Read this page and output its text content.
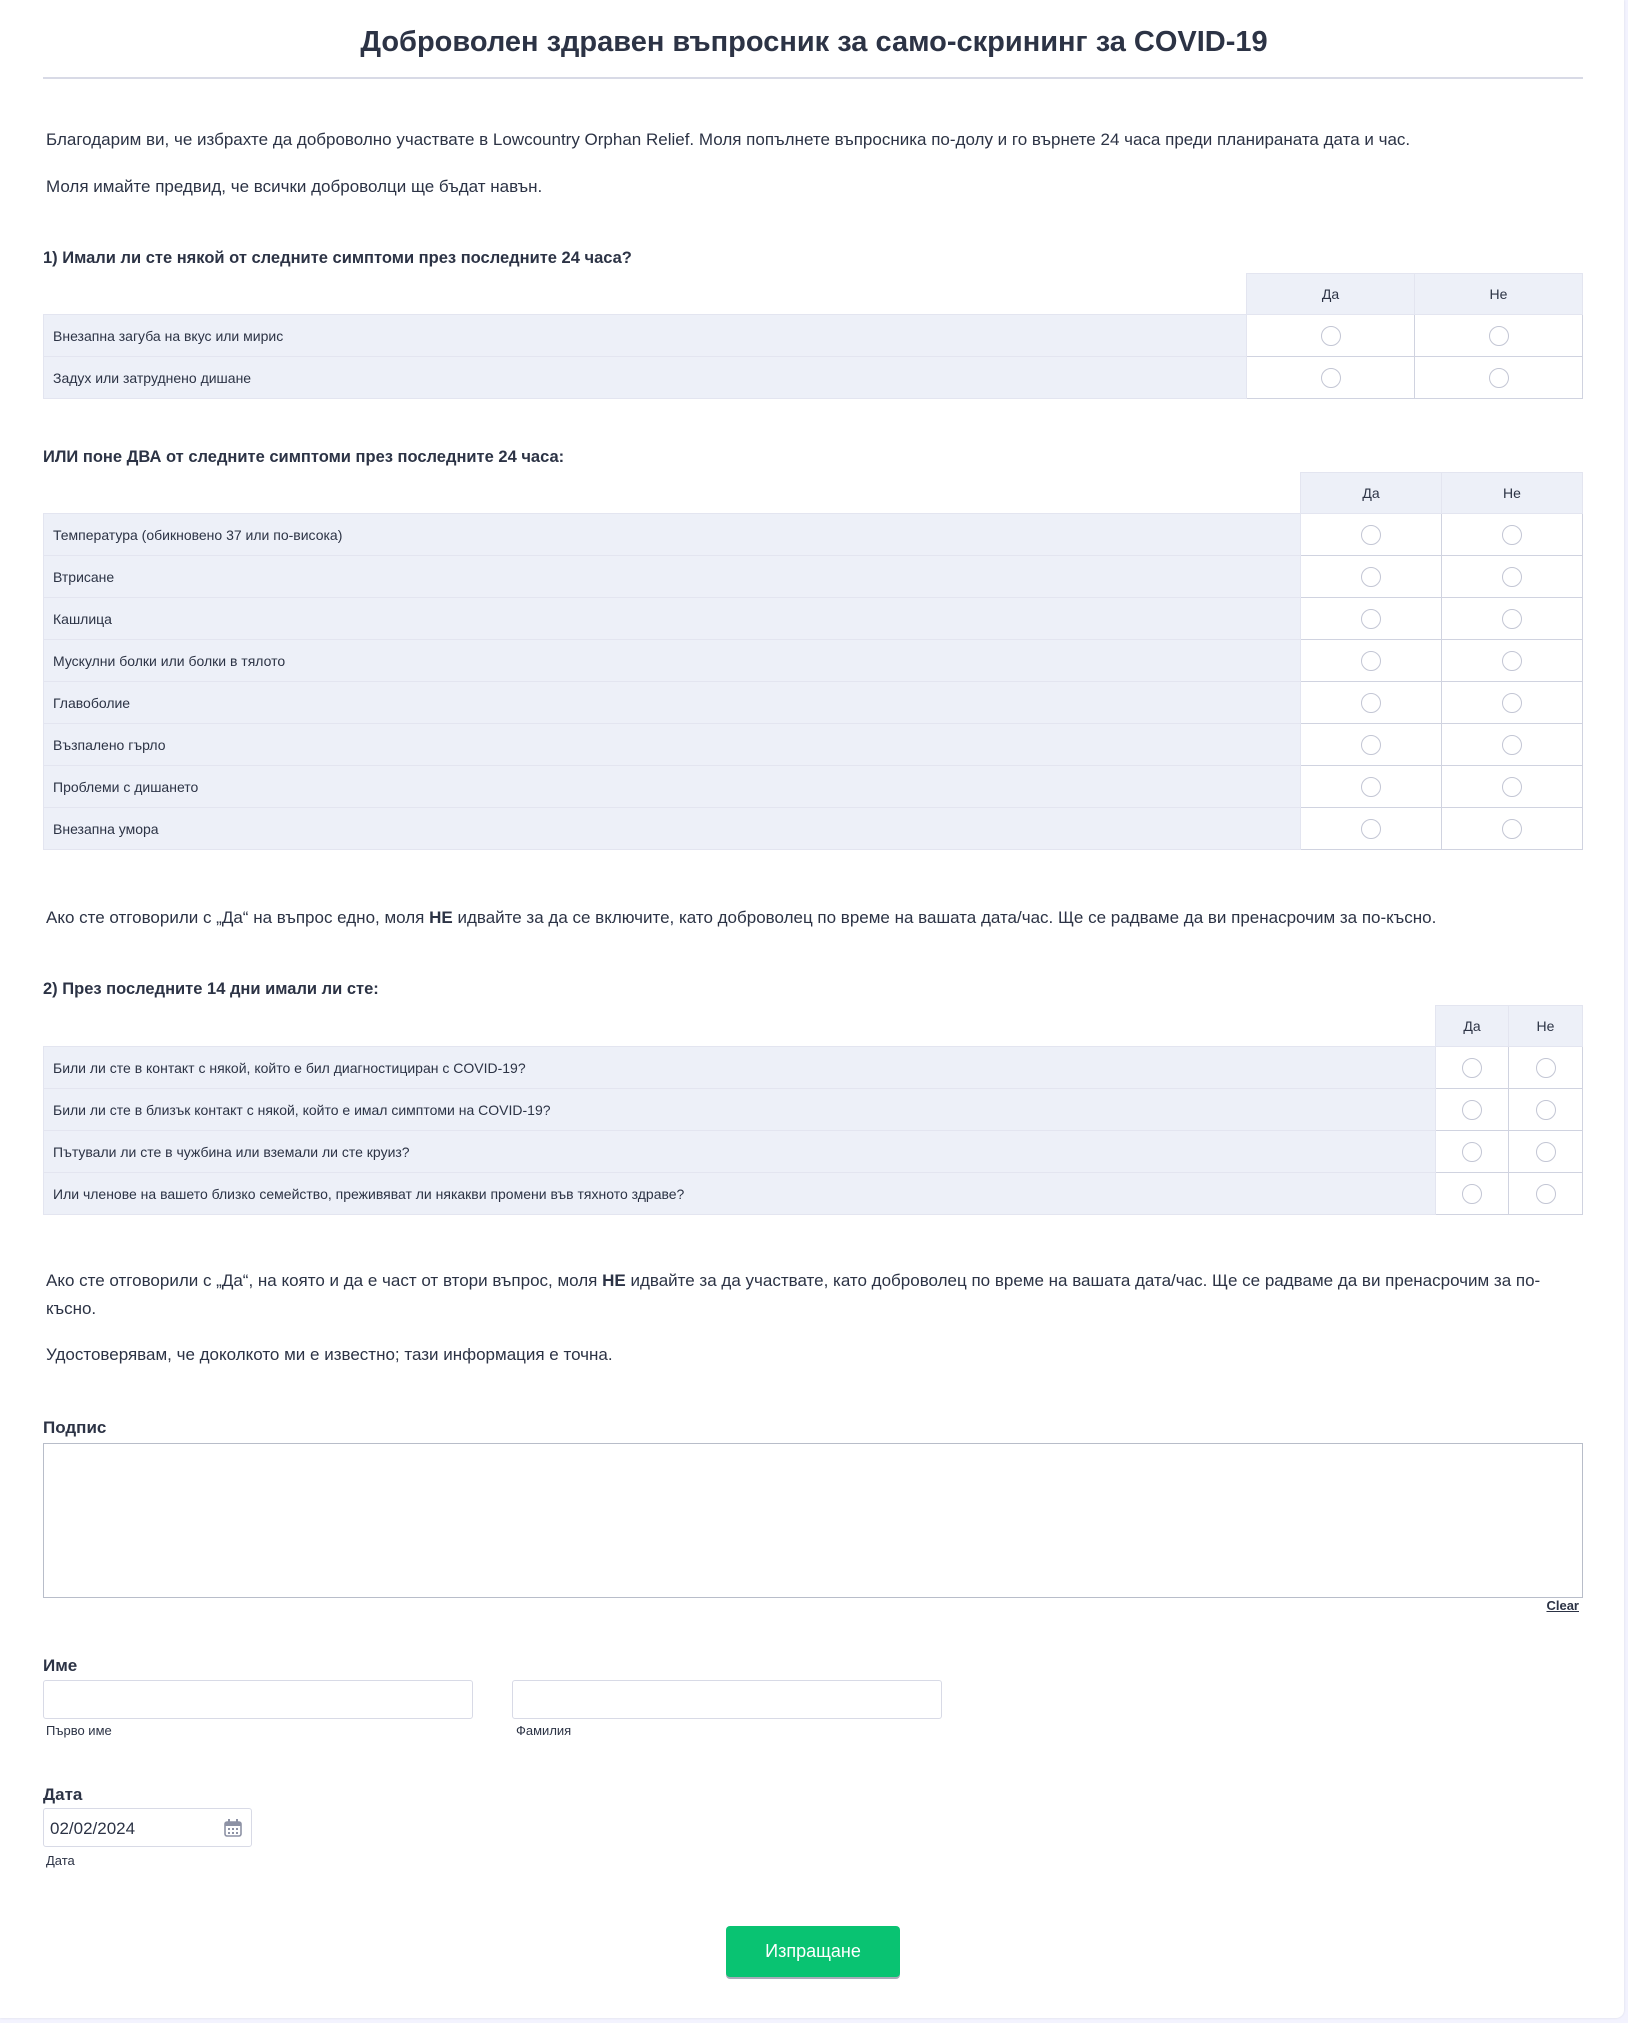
Доброволен здравен въпросник за само-скрининг за COVID-19
Благодарим ви, че избрахте да доброволно участвате в Lowcountry Orphan Relief. Моля попълнете въпросника по-долу и го върнете 24 часа преди планираната дата и час.
Моля имайте предвид, че всички доброволци ще бъдат навън.
1) Имали ли сте някой от следните симптоми през последните 24 часа?
	Да	Не
Внезапна загуба на вкус или мирис		
Задух или затруднено дишане		
ИЛИ поне ДВА от следните симптоми през последните 24 часа:
	Да	Не
Температура (обикновено 37 или по-висока)		
Втрисане		
Кашлица		
Мускулни болки или болки в тялото		
Главоболие		
Възпалено гърло		
Проблеми с дишането		
Внезапна умора		
Ако сте отговорили с „Да“ на въпрос едно, моля НЕ идвайте за да се включите, като доброволец по време на вашата дата/час. Ще се радваме да ви пренасрочим за по-късно.
2) През последните 14 дни имали ли сте:
	Да	Не
Били ли сте в контакт с някой, който е бил диагностициран с COVID-19?		
Били ли сте в близък контакт с някой, който е имал симптоми на COVID-19?		
Пътували ли сте в чужбина или вземали ли сте круиз?		
Или членове на вашето близко семейство, преживяват ли някакви промени във тяхното здраве?		
Ако сте отговорили с „Да“, на която и да е част от втори въпрос, моля НЕ идвайте за да участвате, като доброволец по време на вашата дата/час. Ще се радваме да ви пренасрочим за по-късно.
Удостоверявам, че доколкото ми е известно; тази информация е точна.
Подпис
Clear
Име
Първо име	Фамилия
Дата
02/02/2024
Дата
Изпращане
